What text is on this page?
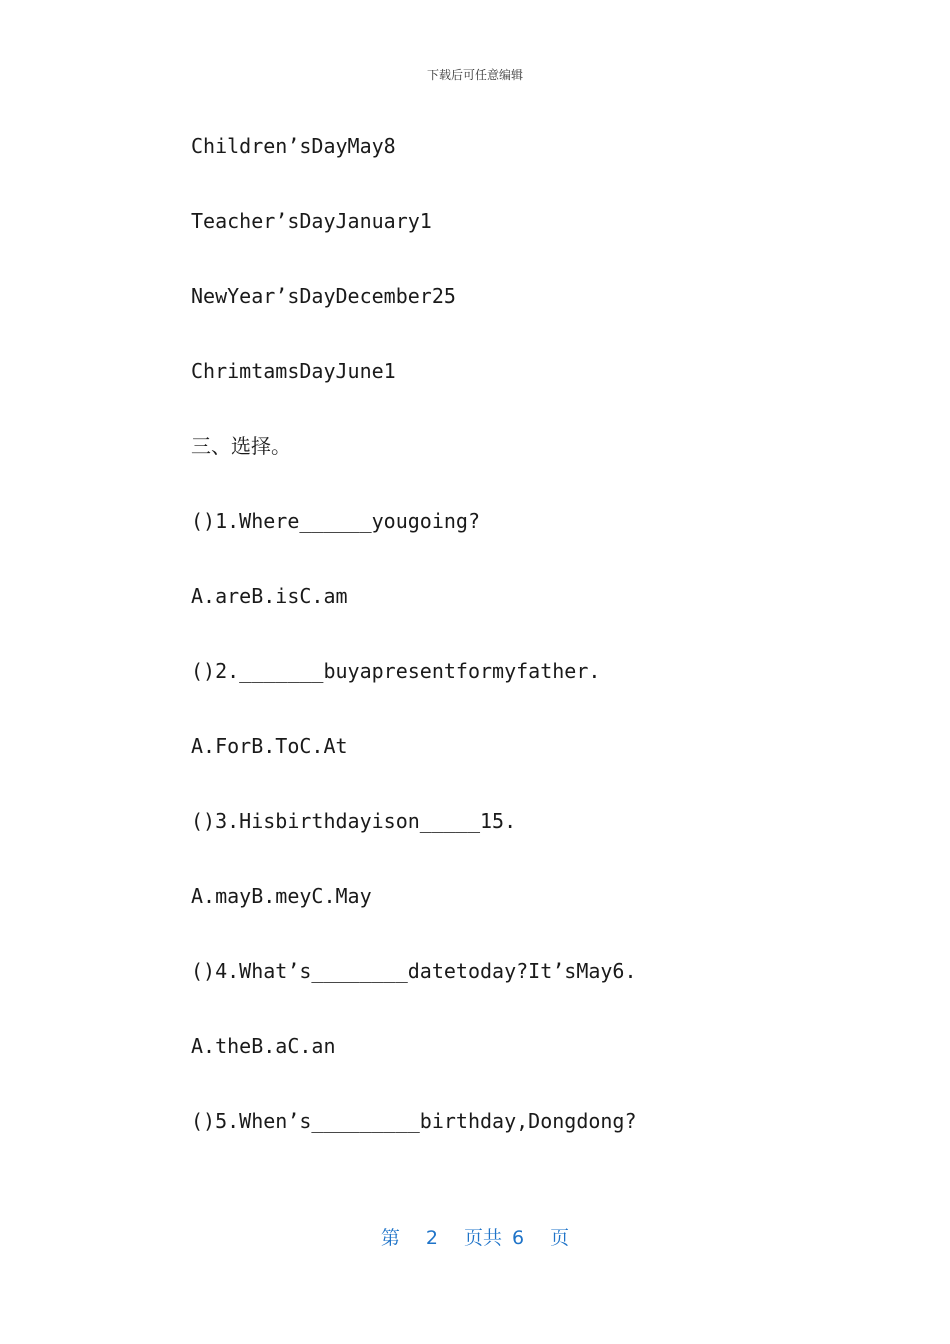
下载后可任意编辑
Children’sDayMay8
Teacher’sDayJanuary1
NewYear’sDayDecember25
ChrimtamsDayJune1
三、选择。
()1.Where______yougoing?
A.areB.isC.am
()2._______buyapresentformyfather.
A.ForB.ToC.At
()3.Hisbirthdayison_____15.
A.mayB.meyC.May
()4.What’s________datetoday?It’sMay6.
A.theB.aC.an
()5.When’s_________birthday,Dongdong?
第 2 页共 6 页
